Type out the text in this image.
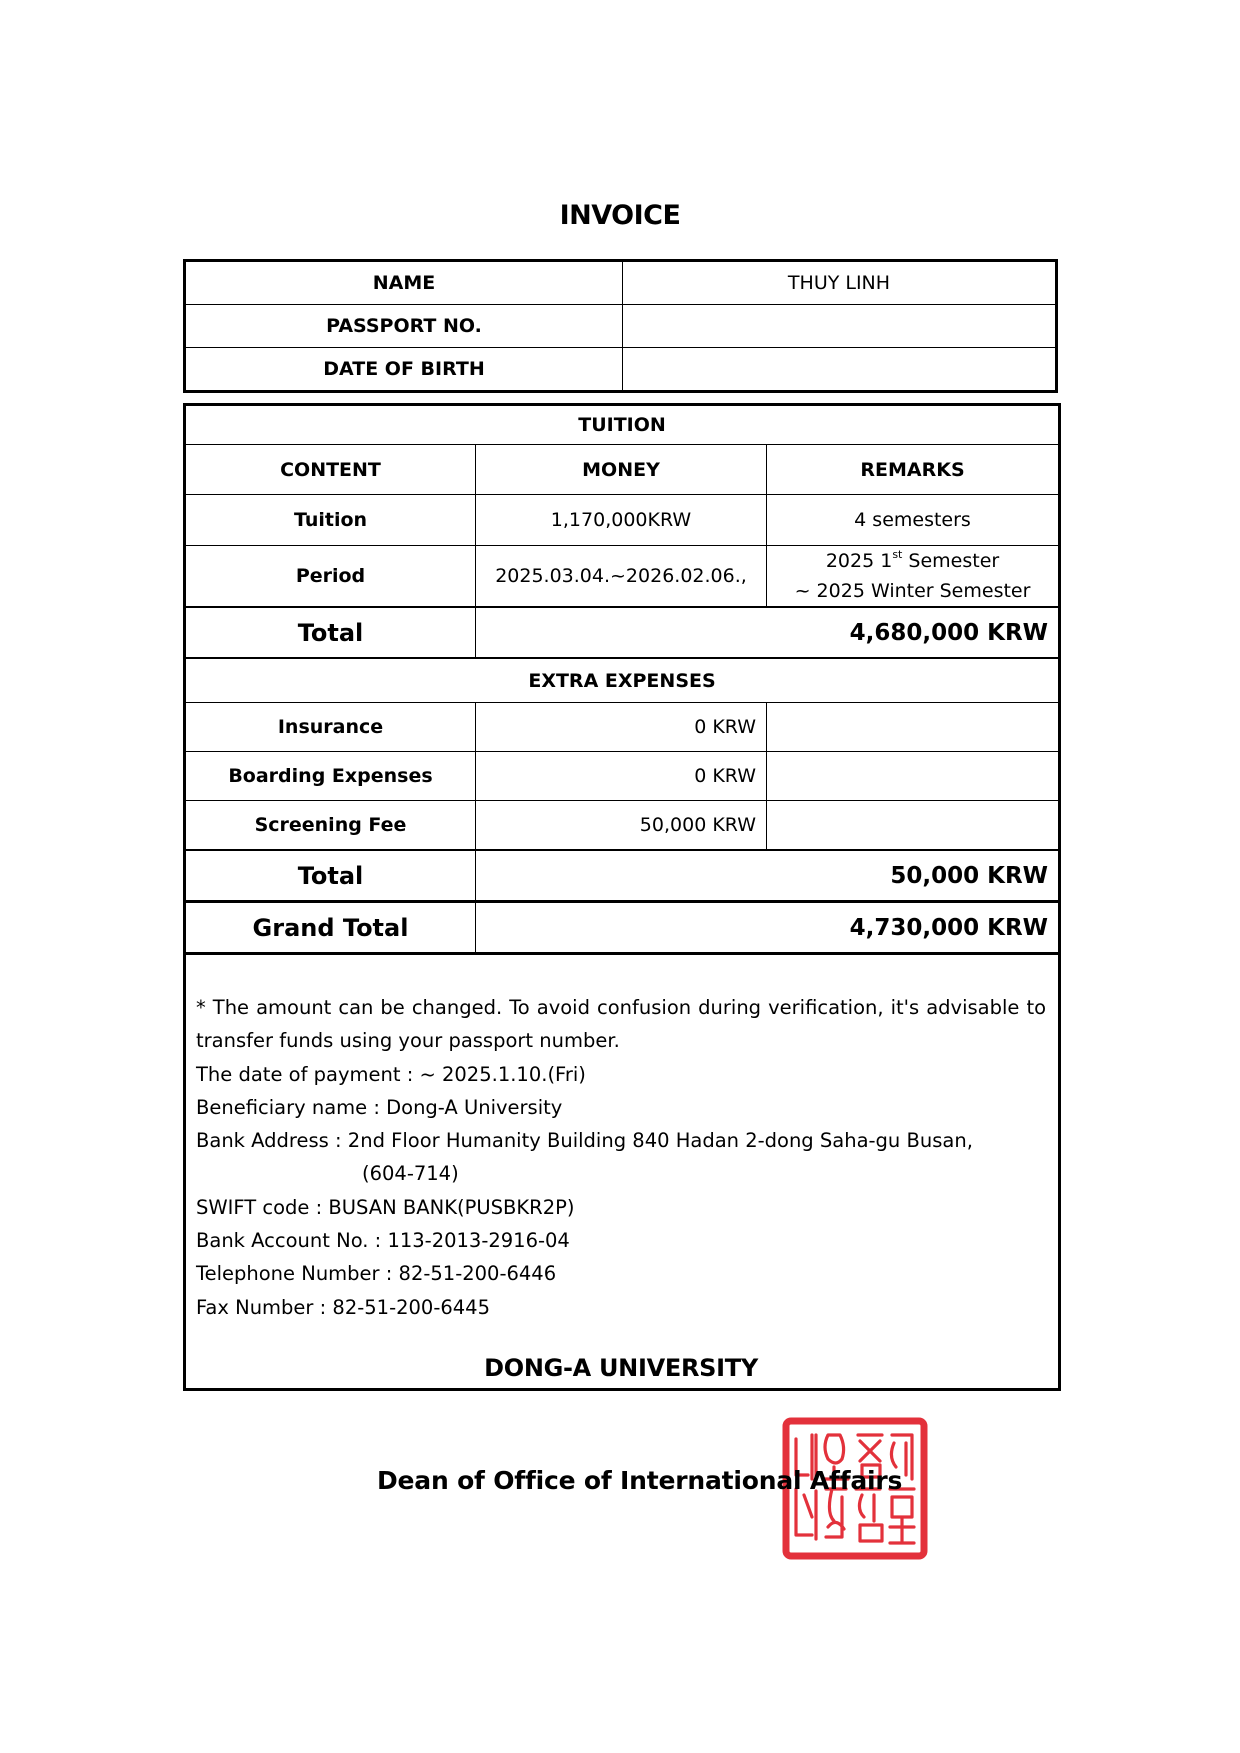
INVOICE
NAME	THUY LINH
PASSPORT NO.	
DATE OF BIRTH	
TUITION		
CONTENT	MONEY	REMARKS
Tuition	1,170,000KRW	4 semesters
Period	2025.03.04.~2026.02.06.,	2025 1st Semester
~ 2025 Winter Semester

Total	4,680,000 KRW	
EXTRA EXPENSES		
Insurance	0 KRW	
Boarding Expenses	0 KRW	
Screening Fee	50,000 KRW	
Total	50,000 KRW	
Grand Total	4,730,000 KRW	

* The amount can be changed. To avoid confusion during verification, it's advisable to transfer funds using your passport number.
The date of payment : ~ 2025.1.10.(Fri)
Beneficiary name : Dong-A University
Bank Address : 2nd Floor Humanity Building 840 Hadan 2-dong Saha-gu Busan,
(604-714)
SWIFT code : BUSAN BANK(PUSBKR2P)
Bank Account No. : 113-2013-2916-04
Telephone Number : 82-51-200-6446
Fax Number : 82-51-200-6445
DONG-A UNIVERSITY
Dean of Office of International Affairs
